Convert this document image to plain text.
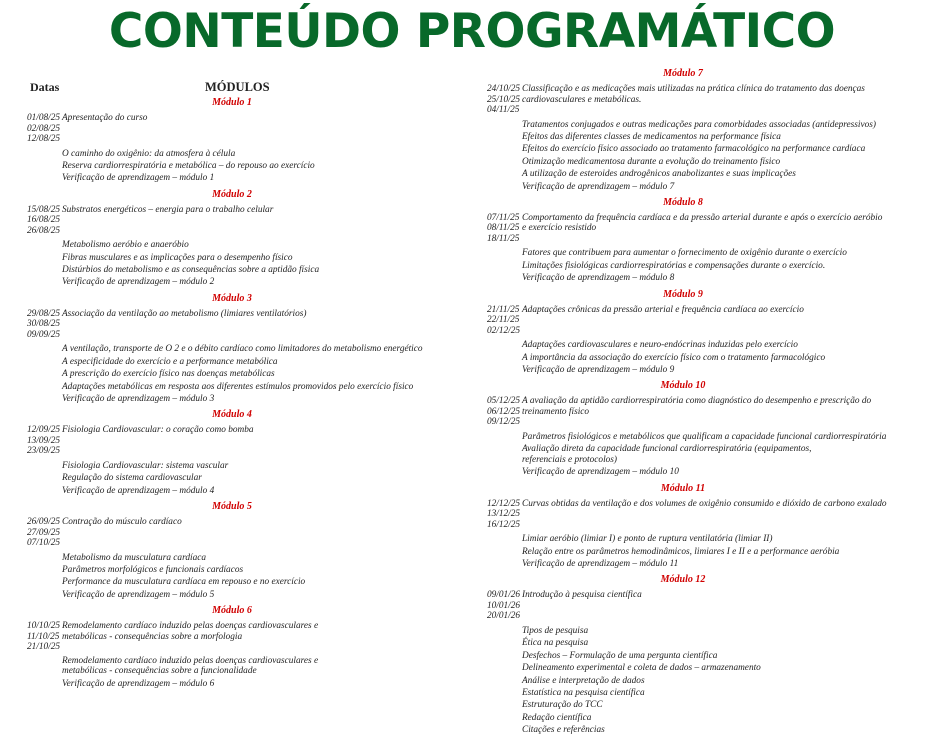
CONTEÚDO PROGRAMÁTICO
Datas	MÓDULOS
Módulo 1
01/08/25 Apresentação do curso
02/08/25
12/08/25
O caminho do oxigênio: da atmosfera à célula
Reserva cardiorrespiratória e metabólica – do repouso ao exercício
Verificação de aprendizagem – módulo 1
Módulo 2
15/08/25 Substratos energéticos – energia para o trabalho celular
16/08/25
26/08/25
Metabolismo aeróbio e anaeróbio
Fibras musculares e as implicações para o desempenho físico
Distúrbios do metabolismo e as consequências sobre a aptidão física
Verificação de aprendizagem – módulo 2
Módulo 3
29/08/25 Associação da ventilação ao metabolismo (limiares ventilatórios)
30/08/25
09/09/25
A ventilação, transporte de O 2 e o débito cardíaco como limitadores do metabolismo energético
A especificidade do exercício e a performance metabólica
A prescrição do exercício físico nas doenças metabólicas
Adaptações metabólicas em resposta aos diferentes estímulos promovidos pelo exercício físico
Verificação de aprendizagem – módulo 3
Módulo 4
12/09/25 Fisiologia Cardiovascular: o coração como bomba
13/09/25
23/09/25
Fisiologia Cardiovascular: sistema vascular
Regulação do sistema cardiovascular
Verificação de aprendizagem – módulo 4
Módulo 5
26/09/25 Contração do músculo cardíaco
27/09/25
07/10/25
Metabolismo da musculatura cardíaca
Parâmetros morfológicos e funcionais cardíacos
Performance da musculatura cardíaca em repouso e no exercício
Verificação de aprendizagem – módulo 5
Módulo 6
10/10/25 Remodelamento cardíaco induzido pelas doenças cardiovasculares e
11/10/25 metabólicas - consequências sobre a morfologia
21/10/25
Remodelamento cardíaco induzido pelas doenças cardiovasculares e metabólicas - consequências sobre a funcionalidade
Verificação de aprendizagem – módulo 6
Módulo 7
24/10/25 Classificação e as medicações mais utilizadas na prática clínica do tratamento das doenças
25/10/25 cardiovasculares e metabólicas.
04/11/25
Tratamentos conjugados e outras medicações para comorbidades associadas (antidepressivos)
Efeitos das diferentes classes de medicamentos na performance física
Efeitos do exercício físico associado ao tratamento farmacológico na performance cardíaca
Otimização medicamentosa durante a evolução do treinamento físico
A utilização de esteroides androgênicos anabolizantes e suas implicações
Verificação de aprendizagem – módulo 7
Módulo 8
07/11/25 Comportamento da frequência cardíaca e da pressão arterial durante e após o exercício aeróbio
08/11/25 e exercício resistido
18/11/25
Fatores que contribuem para aumentar o fornecimento de oxigênio durante o exercício
Limitações fisiológicas cardiorrespiratórias e compensações durante o exercício.
Verificação de aprendizagem – módulo 8
Módulo 9
21/11/25 Adaptações crônicas da pressão arterial e frequência cardíaca ao exercício
22/11/25
02/12/25
Adaptações cardiovasculares e neuro-endócrinas induzidas pelo exercício
A importância da associação do exercício físico com o tratamento farmacológico
Verificação de aprendizagem – módulo 9
Módulo 10
05/12/25 A avaliação da aptidão cardiorrespiratória como diagnóstico do desempenho e prescrição do
06/12/25 treinamento físico
09/12/25
Parâmetros fisiológicos e metabólicos que qualificam a capacidade funcional cardiorrespiratória
Avaliação direta da capacidade funcional cardiorrespiratória (equipamentos, referenciais e protocolos)
Verificação de aprendizagem – módulo 10
Módulo 11
12/12/25 Curvas obtidas da ventilação e dos volumes de oxigênio consumido e dióxido de carbono exalado
13/12/25
16/12/25
Limiar aeróbio (limiar I) e ponto de ruptura ventilatória (limiar II)
Relação entre os parâmetros hemodinâmicos, limiares I e II e a performance aeróbia
Verificação de aprendizagem – módulo 11
Módulo 12
09/01/26 Introdução à pesquisa científica
10/01/26
20/01/26
Tipos de pesquisa
Ética na pesquisa
Desfechos – Formulação de uma pergunta científica
Delineamento experimental e coleta de dados – armazenamento
Análise e interpretação de dados
Estatística na pesquisa científica
Estruturação do TCC
Redação científica
Citações e referências
